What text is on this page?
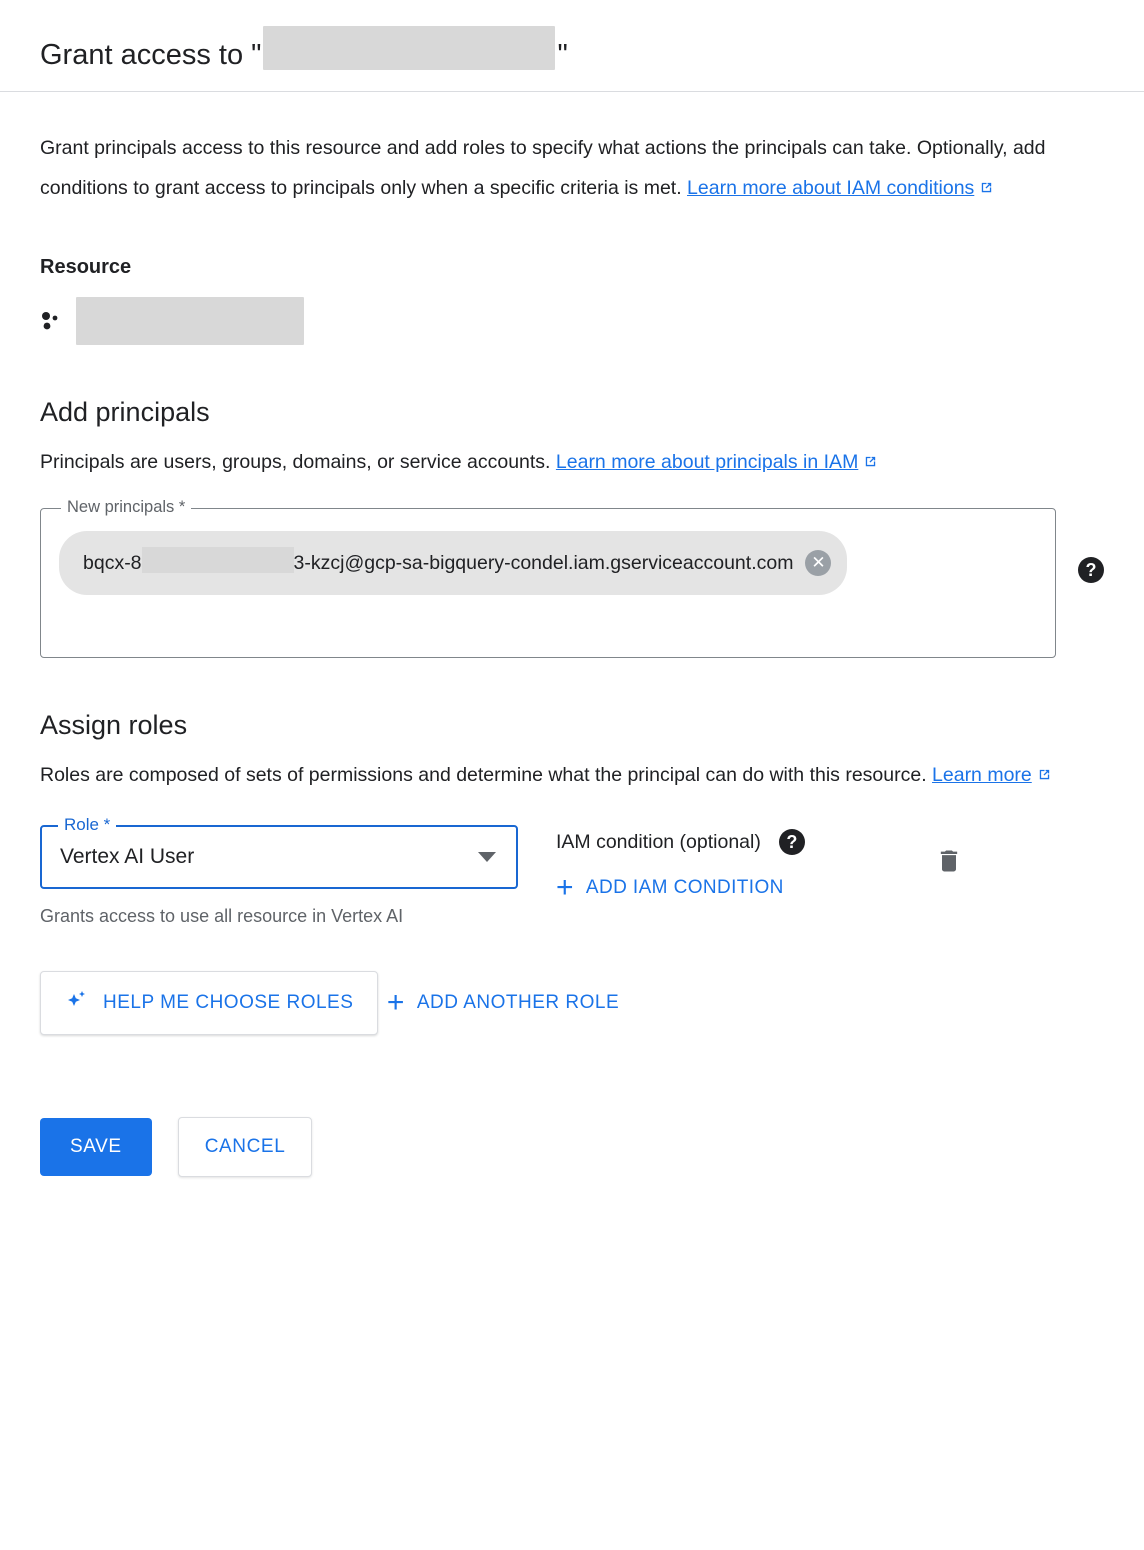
Grant access to "	"

Grant principals access to this resource and add roles to specify what actions the principals can take. Optionally, add conditions to grant access to principals only when a specific criteria is met. Learn more about IAM conditions

Resource
Add principals

Principals are users, groups, domains, or service accounts. Learn more about principals in IAM

New principals *
bqcx-8	3-kzcj@gcp-sa-bigquery-condel.iam.gserviceaccount.com	✕	?
Assign roles

Roles are composed of sets of permissions and determine what the principal can do with this resource. Learn more

Role *
Vertex AI User
Grants access to use all resource in Vertex AI
IAM condition (optional)	?
+ ADD IAM CONDITION
HELP ME CHOOSE ROLES
+ ADD ANOTHER ROLE
SAVE	CANCEL
